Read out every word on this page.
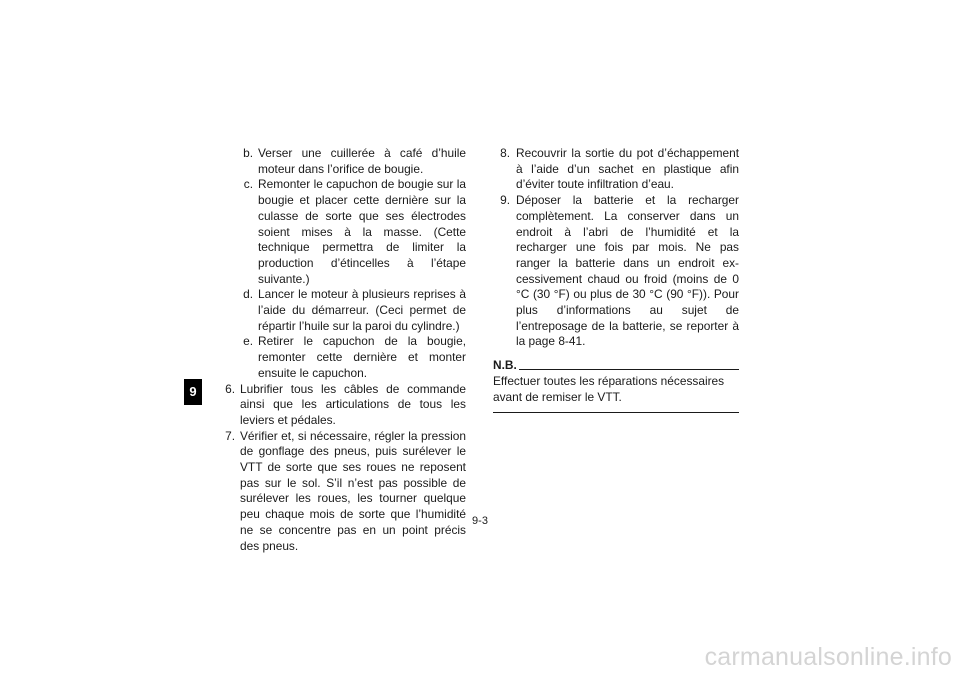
9
b. Verser une cuillerée à café d’huile moteur dans l’orifice de bougie.
c. Remonter le capuchon de bougie sur la bougie et placer cette dernière sur la culasse de sorte que ses électrodes soient mises à la masse. (Cette technique permettra de limiter la production d’étincelles à l’étape suivante.)
d. Lancer le moteur à plusieurs reprises à l’aide du démarreur. (Ceci permet de répartir l’huile sur la paroi du cylindre.)
e. Retirer le capuchon de la bougie, remonter cette dernière et monter ensuite le capuchon.
6. Lubrifier tous les câbles de commande ainsi que les articulations de tous les leviers et pédales.
7. Vérifier et, si nécessaire, régler la pression de gonflage des pneus, puis surélever le VTT de sorte que ses roues ne reposent pas sur le sol. S’il n’est pas possible de surélever les roues, les tourner quelque peu chaque mois de sorte que l’humidité ne se concentre pas en un point précis des pneus.
8. Recouvrir la sortie du pot d’échappement à l’aide d’un sachet en plastique afin d’éviter toute infiltration d’eau.
9. Déposer la batterie et la recharger complètement. La conserver dans un endroit à l’abri de l’humidité et la recharger une fois par mois. Ne pas ranger la batterie dans un endroit excessivement chaud ou froid (moins de 0 °C (30 °F) ou plus de 30 °C (90 °F)). Pour plus d’informations au sujet de l’entreposage de la batterie, se reporter à la page 8-41.
N.B.
Effectuer toutes les réparations nécessaires avant de remiser le VTT.
9-3
carmanualsonline.info
